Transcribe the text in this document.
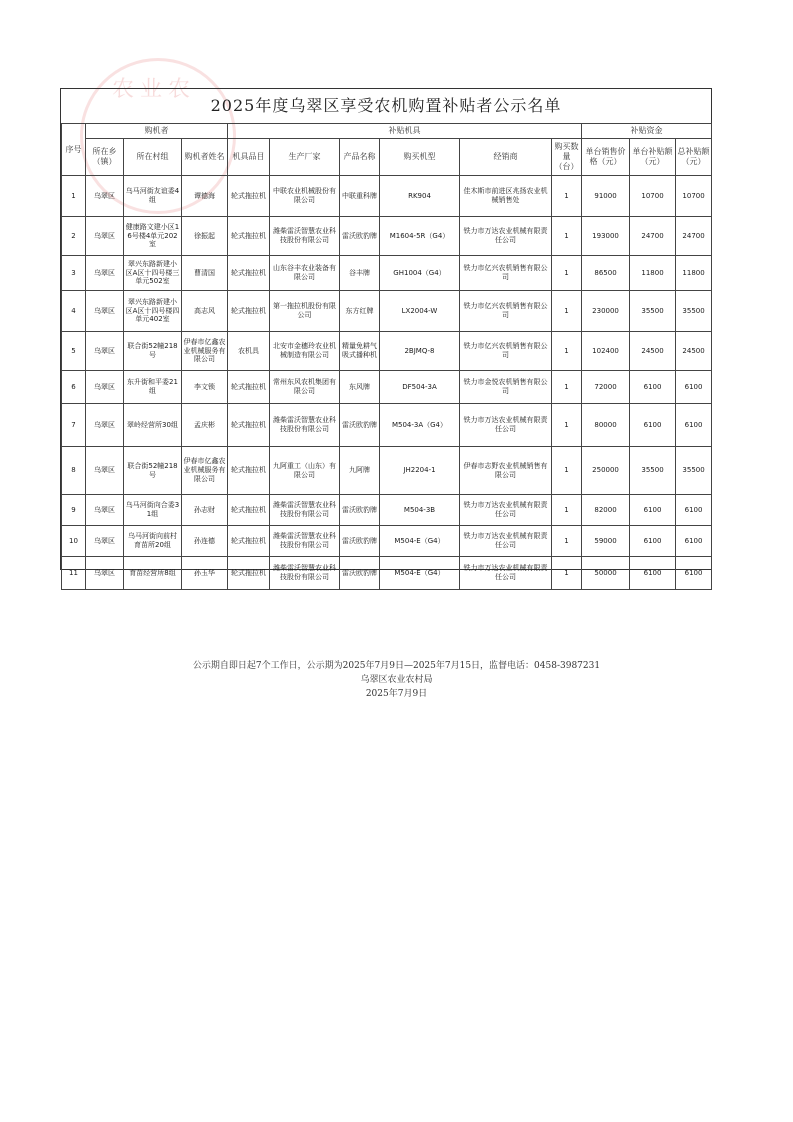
农业农
2025年度乌翠区享受农机购置补贴者公示名单
序号	购机者			补贴机具						补贴资金		
	所在乡（镇）	所在村组	购机者姓名	机具品目	生产厂家	产品名称	购买机型	经销商	购买数量（台）	单台销售价格（元）	单台补贴额（元）	总补贴额（元）
1	乌翠区	乌马河街友谊委4组	谭德海	轮式拖拉机	中联农业机械股份有限公司	中联重科牌	RK904	佳木斯市前进区兆扬农业机械销售处	1	91000	10700	10700
2	乌翠区	健康路文建小区16号楼4单元202室	徐振起	轮式拖拉机	潍柴雷沃智慧农业科技股份有限公司	雷沃欧豹牌	M1604-5R（G4）	铁力市万达农业机械有限责任公司	1	193000	24700	24700
3	乌翠区	翠兴东路新建小区A区十四号楼三单元502室	曹清国	轮式拖拉机	山东谷丰农业装备有限公司	谷丰牌	GH1004（G4）	铁力市亿兴农机销售有限公司	1	86500	11800	11800
4	乌翠区	翠兴东路新建小区A区十四号楼四单元402室	高志风	轮式拖拉机	第一拖拉机股份有限公司	东方红牌	LX2004-W	铁力市亿兴农机销售有限公司	1	230000	35500	35500
5	乌翠区	联合街52幢218号	伊春市亿鑫农业机械服务有限公司	农机具	北安市金穗玲农业机械制造有限公司	精量免耕气吸式播种机	2BJMQ-8	铁力市亿兴农机销售有限公司	1	102400	24500	24500
6	乌翠区	东升街和平委21组	李文锁	轮式拖拉机	常州东风农机集团有限公司	东风牌	DF504-3A	铁力市金悦农机销售有限公司	1	72000	6100	6100
7	乌翠区	翠岭经营所30组	孟庆彬	轮式拖拉机	潍柴雷沃智慧农业科技股份有限公司	雷沃欧豹牌	M504-3A（G4）	铁力市万达农业机械有限责任公司	1	80000	6100	6100
8	乌翠区	联合街52幢218号	伊春市亿鑫农业机械服务有限公司	轮式拖拉机	九阿重工（山东）有限公司	九阿牌	JH2204-1	伊春市志野农业机械销售有限公司	1	250000	35500	35500
9	乌翠区	乌马河街向合委31组	孙志财	轮式拖拉机	潍柴雷沃智慧农业科技股份有限公司	雷沃欧豹牌	M504-3B	铁力市万达农业机械有限责任公司	1	82000	6100	6100
10	乌翠区	乌马河街向前村育苗所20组	孙连德	轮式拖拉机	潍柴雷沃智慧农业科技股份有限公司	雷沃欧豹牌	M504-E（G4）	铁力市万达农业机械有限责任公司	1	59000	6100	6100
11	乌翠区	育苗经营所8组	孙玉华	轮式拖拉机	潍柴雷沃智慧农业科技股份有限公司	雷沃欧豹牌	M504-E（G4）	铁力市万达农业机械有限责任公司	1	50000	6100	6100
公示期自即日起7个工作日，公示期为2025年7月9日—2025年7月15日，监督电话：0458-3987231
乌翠区农业农村局
2025年7月9日
